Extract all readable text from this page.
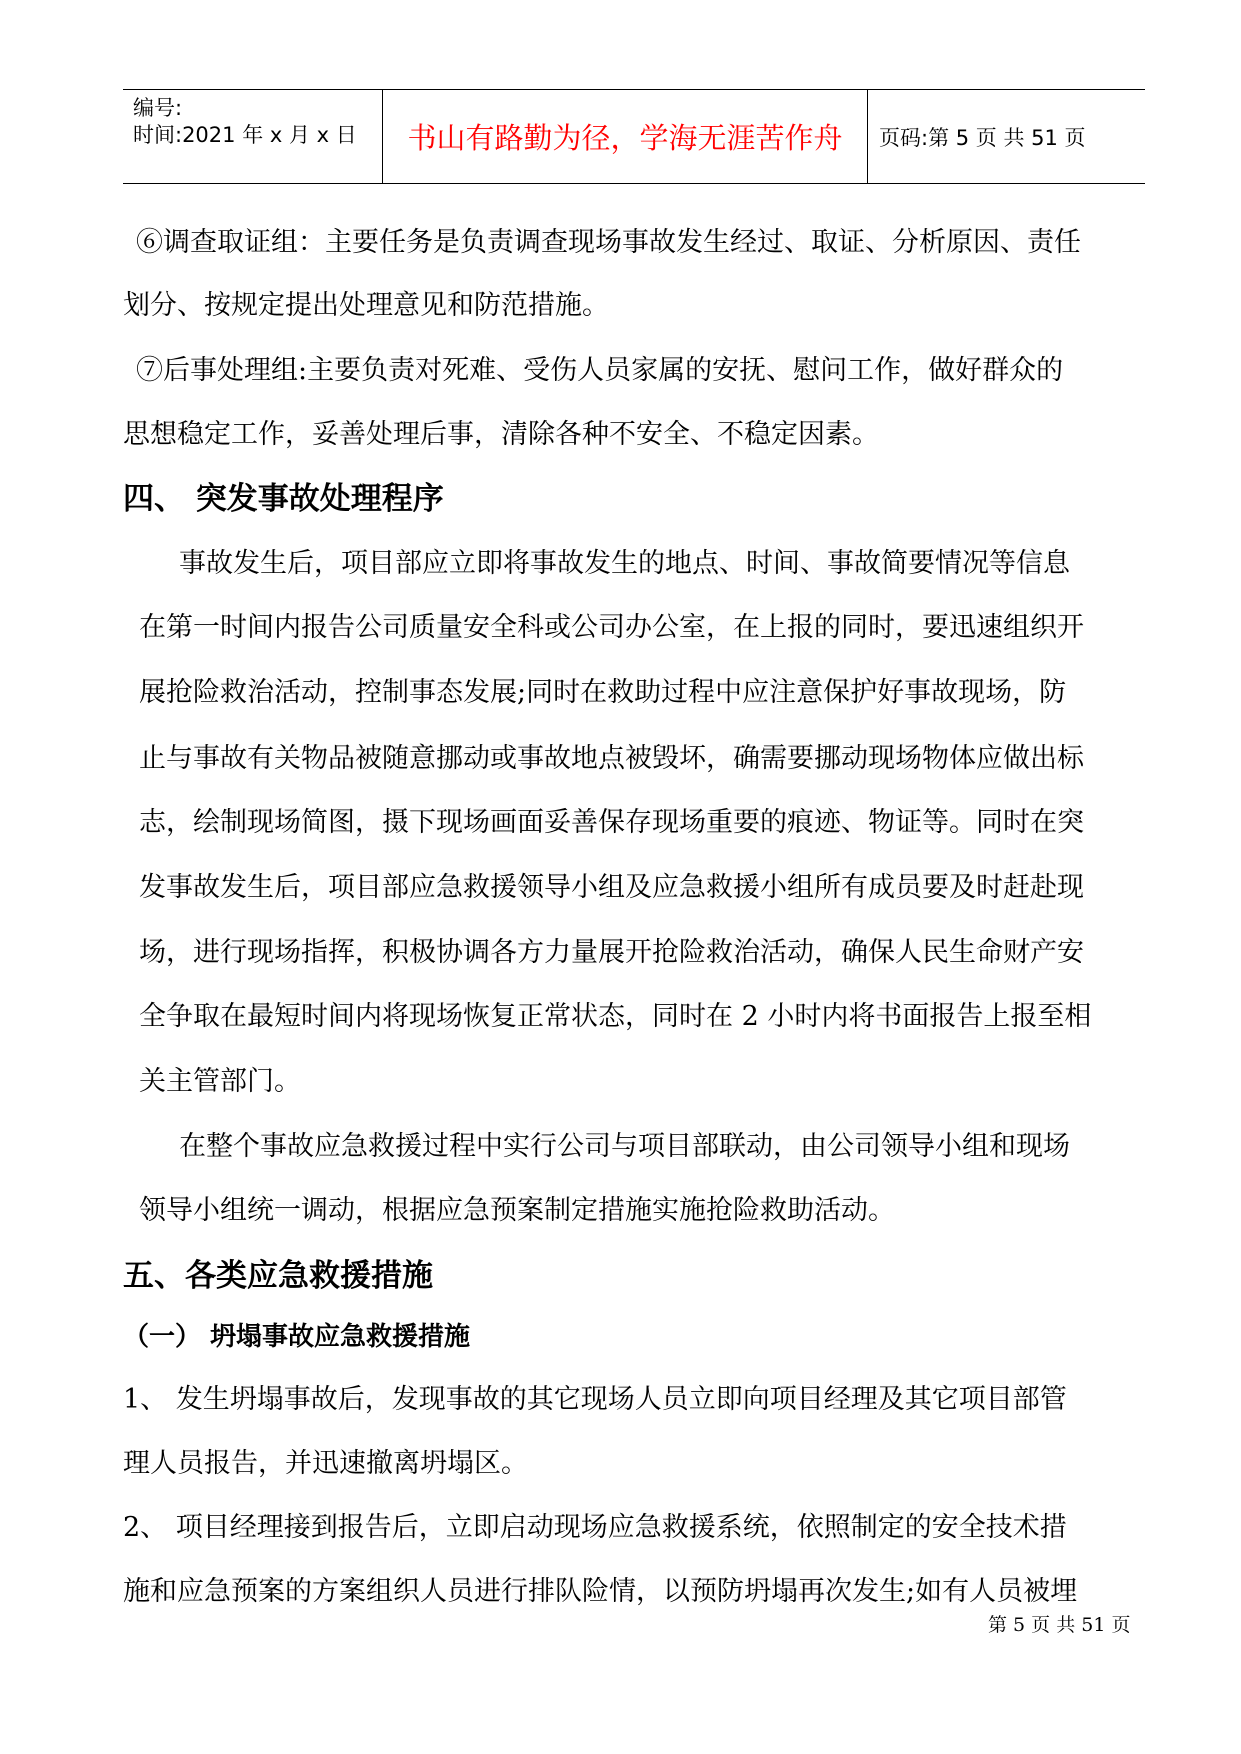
编号:
时间:2021 年 x 月 x 日 书山有路勤为径，学海无涯苦作舟	页码:第 5 页 共 51 页
⑥调查取证组：主要任务是负责调查现场事故发生经过、取证、分析原因、责任
划分、按规定提出处理意见和防范措施。
⑦后事处理组:主要负责对死难、受伤人员家属的安抚、慰问工作，做好群众的
思想稳定工作，妥善处理后事，清除各种不安全、不稳定因素。
四、 突发事故处理程序
事故发生后，项目部应立即将事故发生的地点、时间、事故简要情况等信息
在第一时间内报告公司质量安全科或公司办公室，在上报的同时，要迅速组织开
展抢险救治活动，控制事态发展;同时在救助过程中应注意保护好事故现场，防
止与事故有关物品被随意挪动或事故地点被毁坏，确需要挪动现场物体应做出标
志，绘制现场简图，摄下现场画面妥善保存现场重要的痕迹、物证等。同时在突
发事故发生后，项目部应急救援领导小组及应急救援小组所有成员要及时赶赴现
场，进行现场指挥，积极协调各方力量展开抢险救治活动，确保人民生命财产安
全争取在最短时间内将现场恢复正常状态，同时在 2 小时内将书面报告上报至相
关主管部门。
在整个事故应急救援过程中实行公司与项目部联动，由公司领导小组和现场
领导小组统一调动，根据应急预案制定措施实施抢险救助活动。
五、各类应急救援措施
（一） 坍塌事故应急救援措施
1、 发生坍塌事故后，发现事故的其它现场人员立即向项目经理及其它项目部管
理人员报告，并迅速撤离坍塌区。
2、 项目经理接到报告后，立即启动现场应急救援系统，依照制定的安全技术措
施和应急预案的方案组织人员进行排队险情，以预防坍塌再次发生;如有人员被埋
第 5 页 共 51 页
